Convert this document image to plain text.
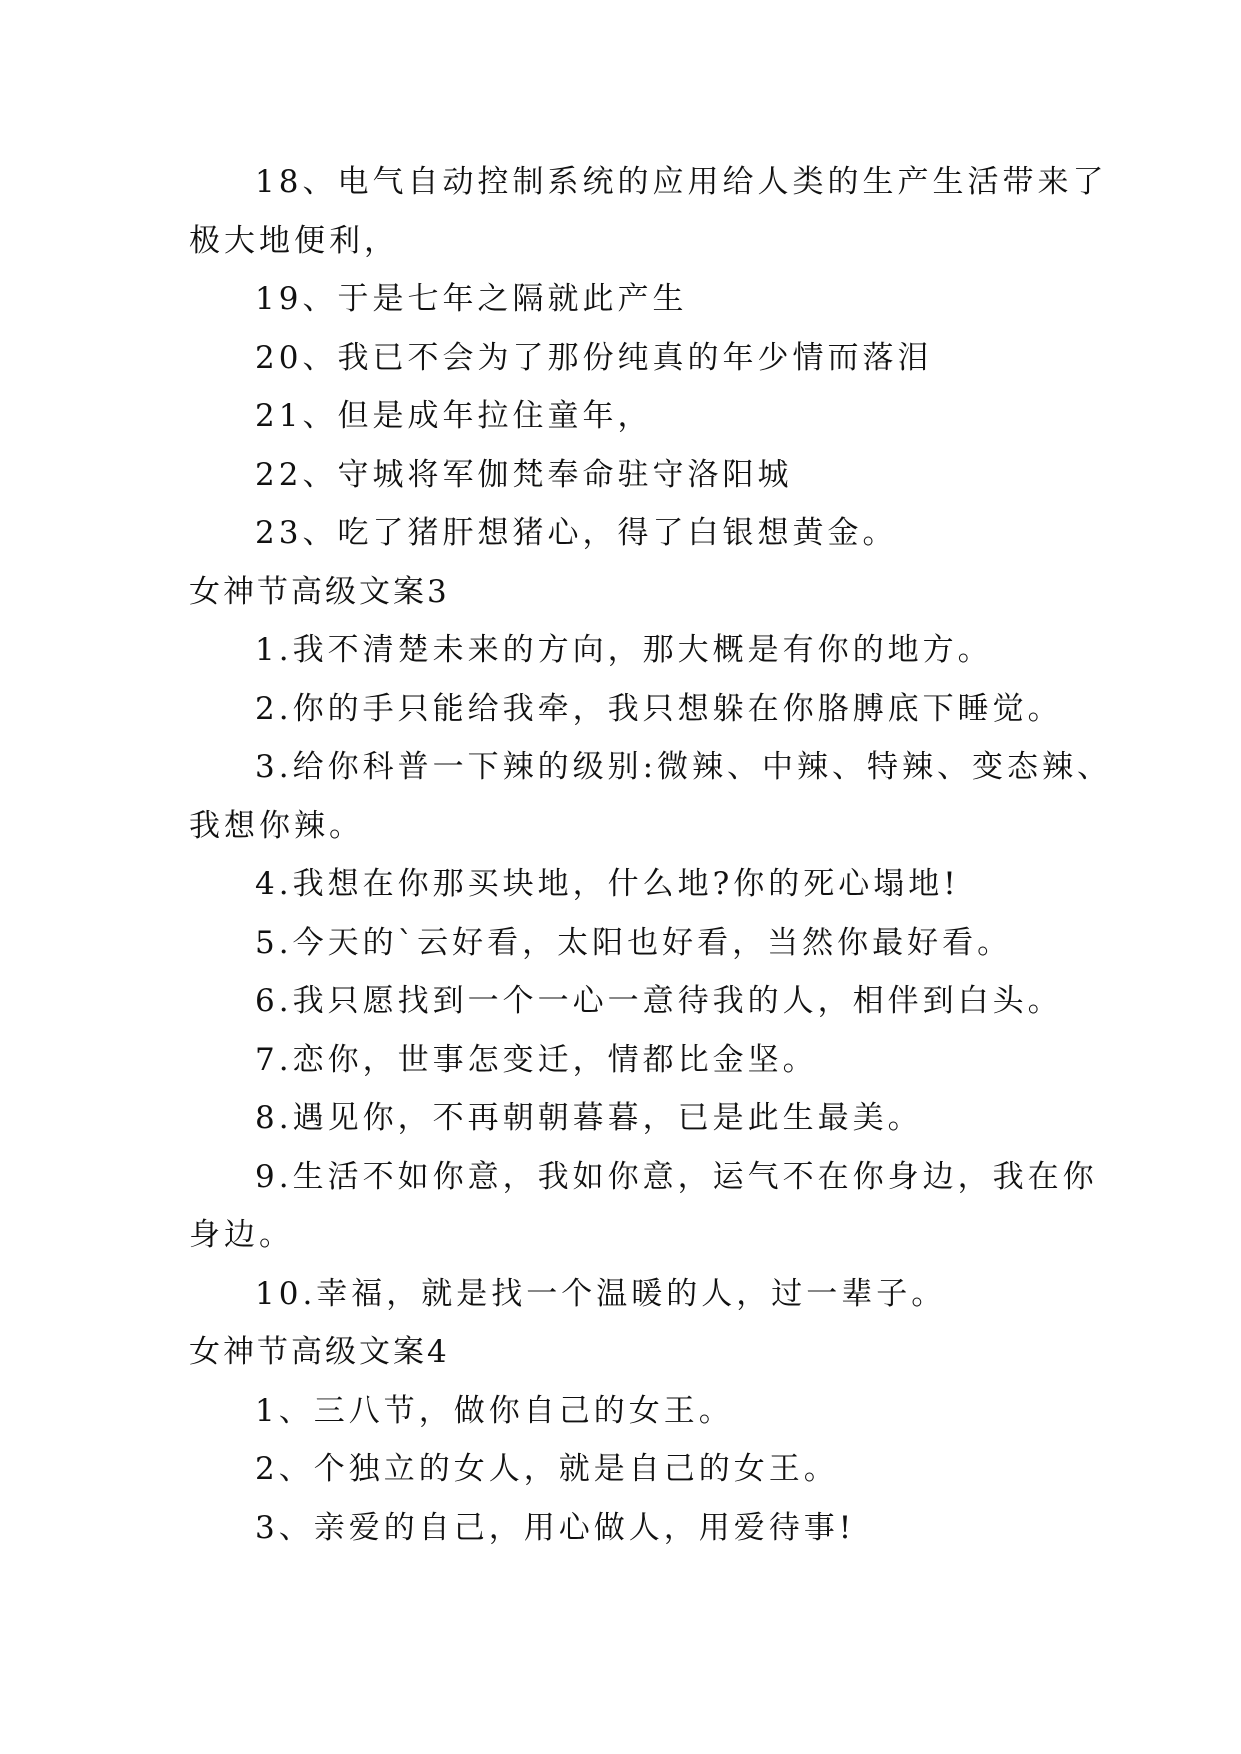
18、电气自动控制系统的应用给人类的生产生活带来了
极大地便利，
19、于是七年之隔就此产生
20、我已不会为了那份纯真的年少情而落泪
21、但是成年拉住童年，
22、守城将军伽梵奉命驻守洛阳城
23、吃了猪肝想猪心，得了白银想黄金。
女神节高级文案3
1.我不清楚未来的方向，那大概是有你的地方。
2.你的手只能给我牵，我只想躲在你胳膊底下睡觉。
3.给你科普一下辣的级别:微辣、中辣、特辣、变态辣、
我想你辣。
4.我想在你那买块地，什么地?你的死心塌地!
5.今天的`云好看，太阳也好看，当然你最好看。
6.我只愿找到一个一心一意待我的人，相伴到白头。
7.恋你，世事怎变迁，情都比金坚。
8.遇见你，不再朝朝暮暮，已是此生最美。
9.生活不如你意，我如你意，运气不在你身边，我在你
身边。
10.幸福，就是找一个温暖的人，过一辈子。
女神节高级文案4
1、三八节，做你自己的女王。
2、个独立的女人，就是自己的女王。
3、亲爱的自己，用心做人，用爱待事!
